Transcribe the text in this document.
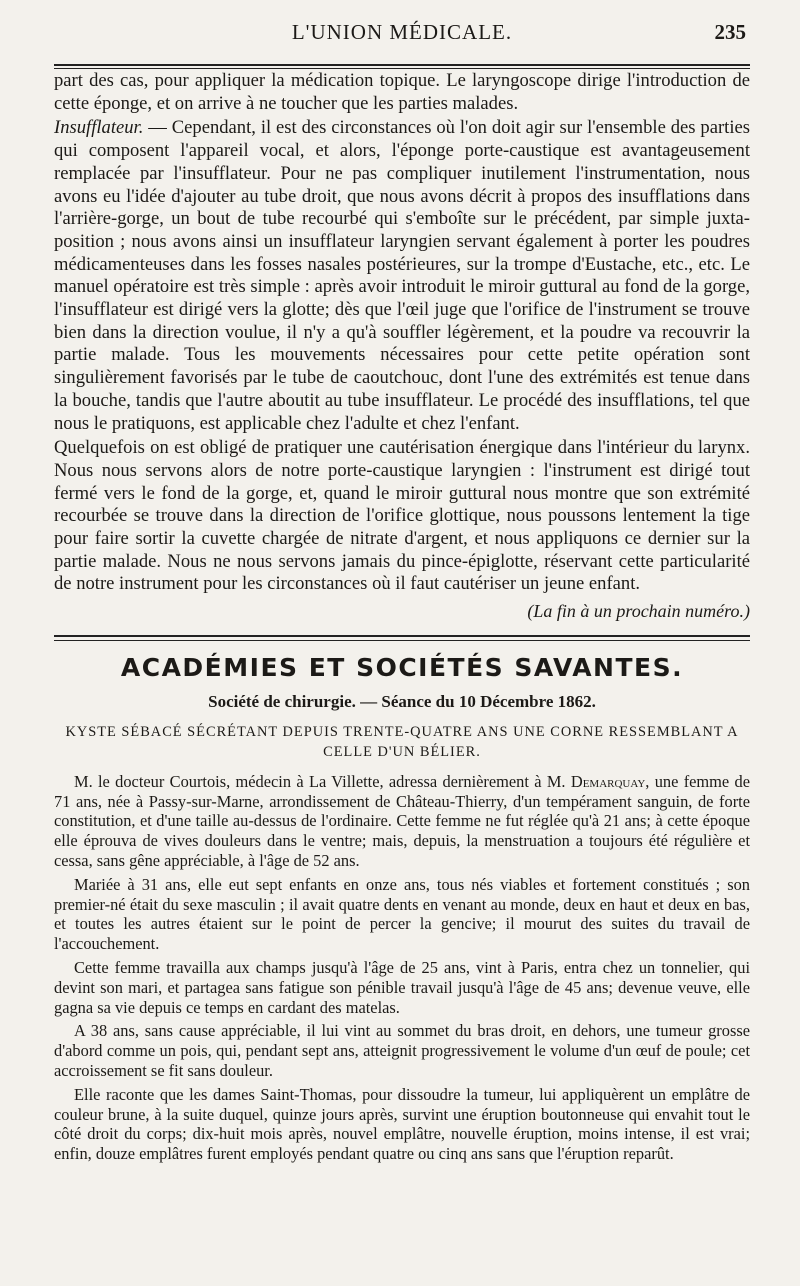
L'UNION MÉDICALE.	235

part des cas, pour appliquer la médication topique. Le laryngoscope dirige l'introduction de cette éponge, et on arrive à ne toucher que les parties malades.

Insufflateur. — Cependant, il est des circonstances où l'on doit agir sur l'ensemble des parties qui composent l'appareil vocal, et alors, l'éponge porte-caustique est avantageusement remplacée par l'insufflateur. Pour ne pas compliquer inutilement l'instrumentation, nous avons eu l'idée d'ajouter au tube droit, que nous avons décrit à propos des insufflations dans l'arrière-gorge, un bout de tube recourbé qui s'emboîte sur le précédent, par simple juxta-position ; nous avons ainsi un insufflateur laryngien servant également à porter les poudres médicamenteuses dans les fosses nasales postérieures, sur la trompe d'Eustache, etc., etc. Le manuel opératoire est très simple : après avoir introduit le miroir guttural au fond de la gorge, l'insufflateur est dirigé vers la glotte; dès que l'œil juge que l'orifice de l'instrument se trouve bien dans la direction voulue, il n'y a qu'à souffler légèrement, et la poudre va recouvrir la partie malade. Tous les mouvements nécessaires pour cette petite opération sont singulièrement favorisés par le tube de caoutchouc, dont l'une des extrémités est tenue dans la bouche, tandis que l'autre aboutit au tube insufflateur. Le procédé des insufflations, tel que nous le pratiquons, est applicable chez l'adulte et chez l'enfant.

Quelquefois on est obligé de pratiquer une cautérisation énergique dans l'intérieur du larynx. Nous nous servons alors de notre porte-caustique laryngien : l'instrument est dirigé tout fermé vers le fond de la gorge, et, quand le miroir guttural nous montre que son extrémité recourbée se trouve dans la direction de l'orifice glottique, nous poussons lentement la tige pour faire sortir la cuvette chargée de nitrate d'argent, et nous appliquons ce dernier sur la partie malade. Nous ne nous servons jamais du pince-épiglotte, réservant cette particularité de notre instrument pour les circonstances où il faut cautériser un jeune enfant.

(La fin à un prochain numéro.)

ACADÉMIES ET SOCIÉTÉS SAVANTES.
Société de chirurgie. — Séance du 10 Décembre 1862.
KYSTE SÉBACÉ SÉCRÉTANT DEPUIS TRENTE-QUATRE ANS UNE CORNE RESSEMBLANT A CELLE D'UN BÉLIER.

M. le docteur Courtois, médecin à La Villette, adressa dernièrement à M. Demarquay, une femme de 71 ans, née à Passy-sur-Marne, arrondissement de Château-Thierry, d'un tempérament sanguin, de forte constitution, et d'une taille au-dessus de l'ordinaire. Cette femme ne fut réglée qu'à 21 ans; à cette époque elle éprouva de vives douleurs dans le ventre; mais, depuis, la menstruation a toujours été régulière et cessa, sans gêne appréciable, à l'âge de 52 ans.

Mariée à 31 ans, elle eut sept enfants en onze ans, tous nés viables et fortement constitués ; son premier-né était du sexe masculin ; il avait quatre dents en venant au monde, deux en haut et deux en bas, et toutes les autres étaient sur le point de percer la gencive; il mourut des suites du travail de l'accouchement.

Cette femme travailla aux champs jusqu'à l'âge de 25 ans, vint à Paris, entra chez un tonnelier, qui devint son mari, et partagea sans fatigue son pénible travail jusqu'à l'âge de 45 ans; devenue veuve, elle gagna sa vie depuis ce temps en cardant des matelas.

A 38 ans, sans cause appréciable, il lui vint au sommet du bras droit, en dehors, une tumeur grosse d'abord comme un pois, qui, pendant sept ans, atteignit progressivement le volume d'un œuf de poule; cet accroissement se fit sans douleur.

Elle raconte que les dames Saint-Thomas, pour dissoudre la tumeur, lui appliquèrent un emplâtre de couleur brune, à la suite duquel, quinze jours après, survint une éruption boutonneuse qui envahit tout le côté droit du corps; dix-huit mois après, nouvel emplâtre, nouvelle éruption, moins intense, il est vrai; enfin, douze emplâtres furent employés pendant quatre ou cinq ans sans que l'éruption reparût.
